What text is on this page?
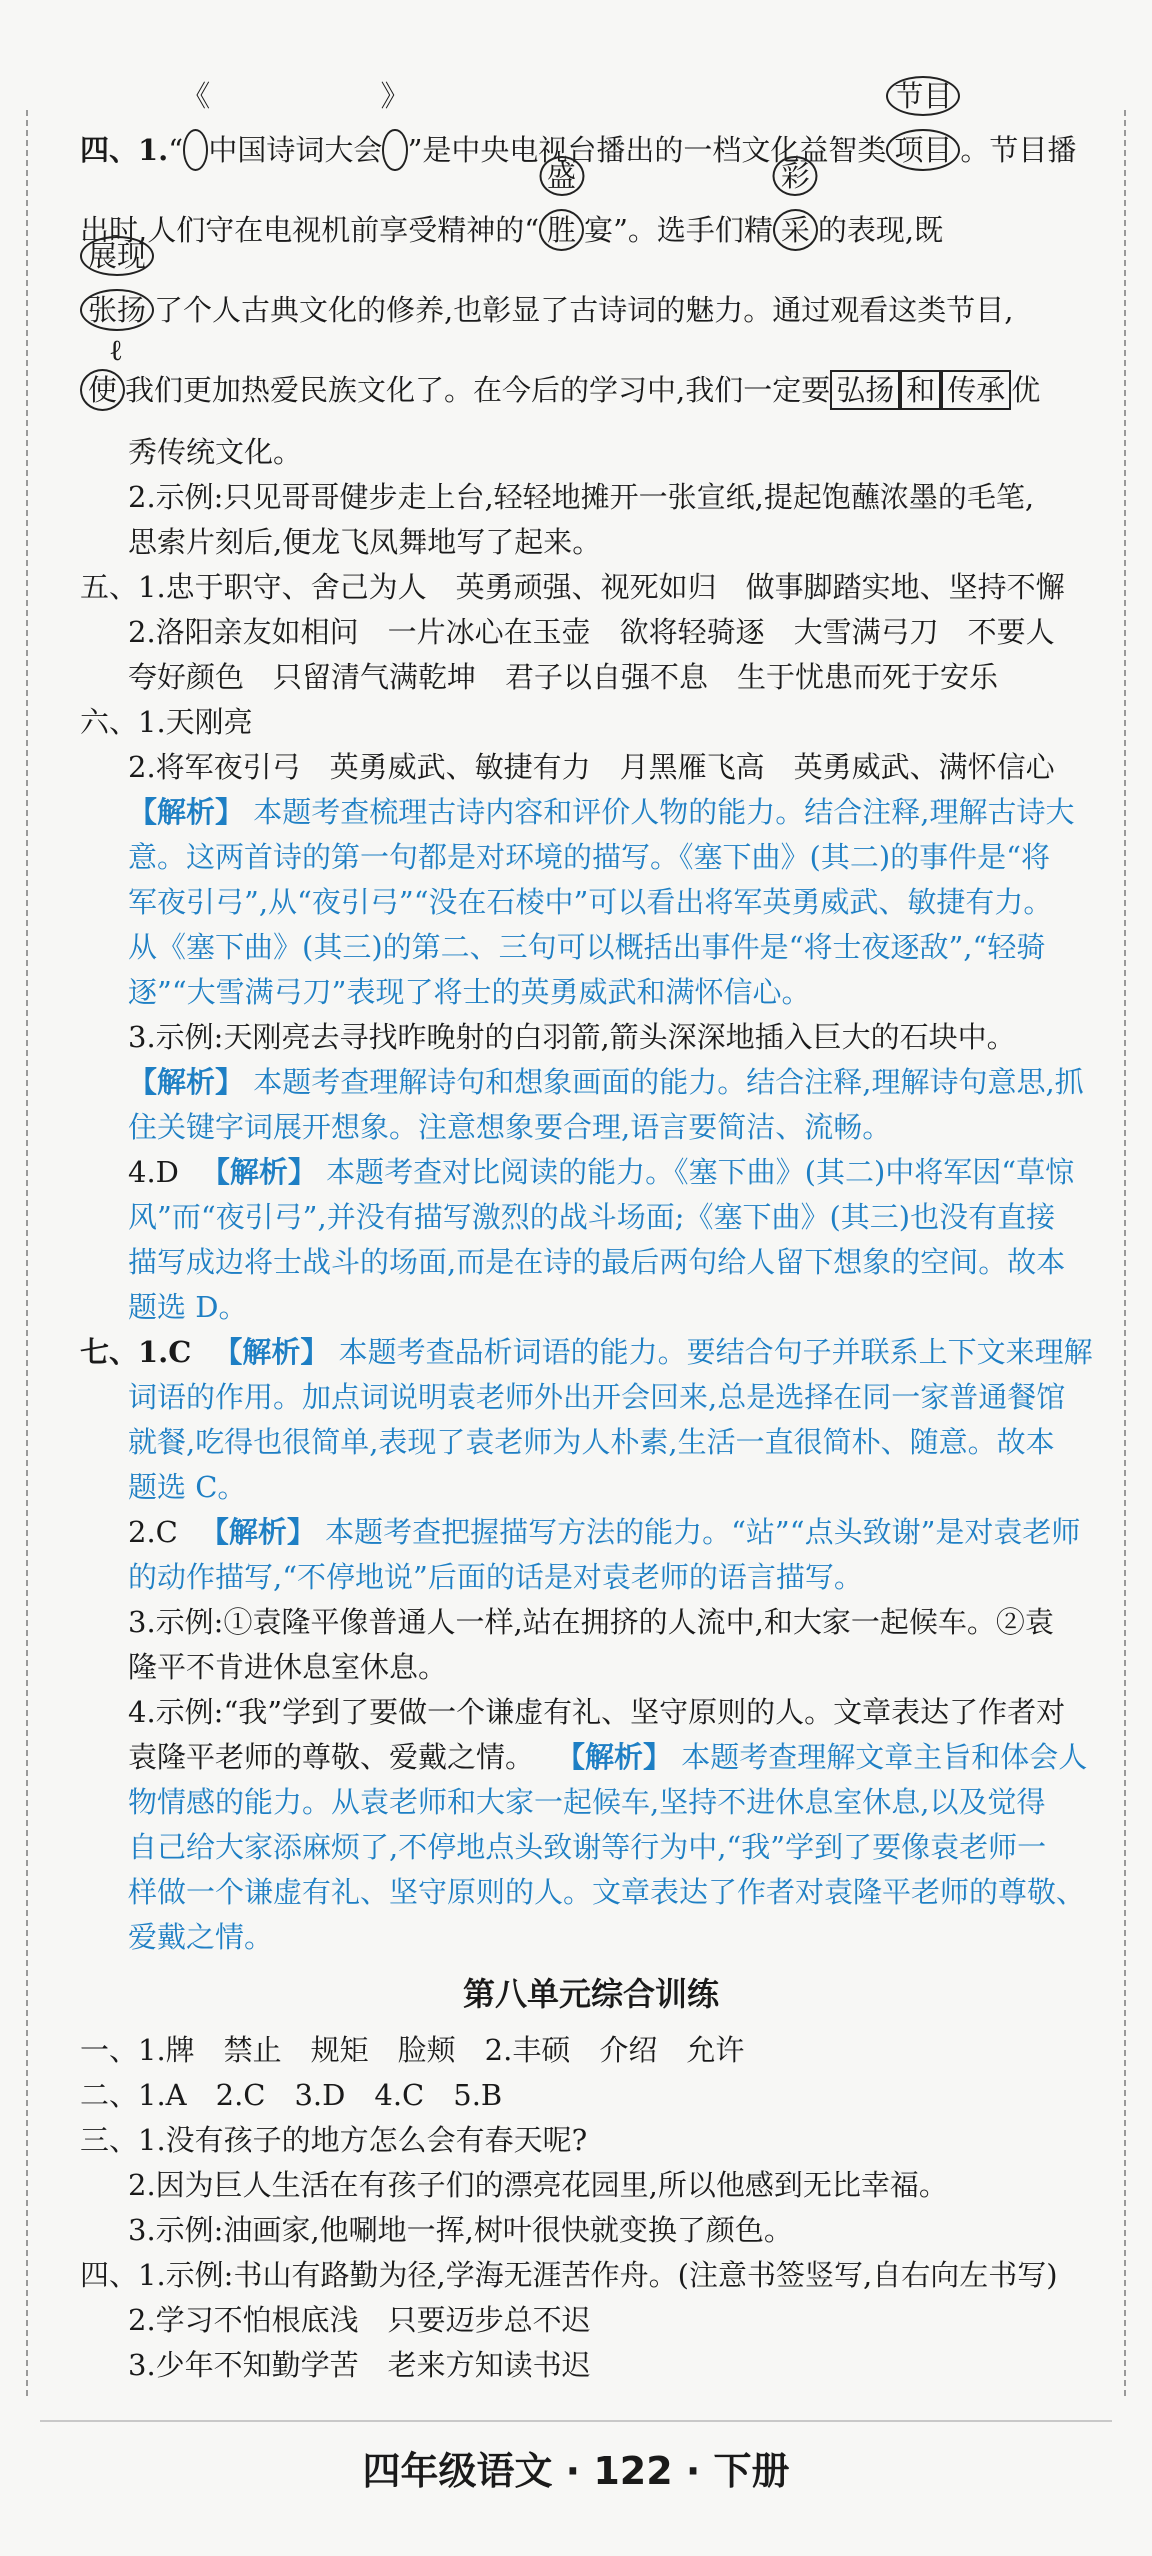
四、1.“
《
中国诗词大会
》
”是中央电视台播出的一档文化益智类 项目
节目
。节目播
出时,人们守在电视机前享受精神的“ 胜
盛
宴”。选手们精 采
彩
的表现,既
张扬
展现
了个人古典文化的修养,也彰显了古诗词的魅力。通过观看这类节目,
使
ℓ
我们更加热爱民族文化了。在今后的学习中,我们一定要 弘扬 和 传承 优
秀传统文化。
2.示例:只见哥哥健步走上台,轻轻地摊开一张宣纸,提起饱蘸浓墨的毛笔,
思索片刻后,便龙飞凤舞地写了起来。
五、1.忠于职守、舍己为人　英勇顽强、视死如归　做事脚踏实地、坚持不懈
2.洛阳亲友如相问　一片冰心在玉壶　欲将轻骑逐　大雪满弓刀　不要人
夸好颜色　只留清气满乾坤　君子以自强不息　生于忧患而死于安乐
六、1.天刚亮
2.将军夜引弓　英勇威武、敏捷有力　月黑雁飞高　英勇威武、满怀信心
【解析】 本题考查梳理古诗内容和评价人物的能力。结合注释,理解古诗大
意。这两首诗的第一句都是对环境的描写。《塞下曲》(其二)的事件是“将
军夜引弓”,从“夜引弓”“没在石棱中”可以看出将军英勇威武、敏捷有力。
从《塞下曲》(其三)的第二、三句可以概括出事件是“将士夜逐敌”,“轻骑
逐”“大雪满弓刀”表现了将士的英勇威武和满怀信心。
3.示例:天刚亮去寻找昨晚射的白羽箭,箭头深深地插入巨大的石块中。
【解析】 本题考查理解诗句和想象画面的能力。结合注释,理解诗句意思,抓
住关键字词展开想象。注意想象要合理,语言要简洁、流畅。
4.D 【解析】 本题考查对比阅读的能力。《塞下曲》(其二)中将军因“草惊
风”而“夜引弓”,并没有描写激烈的战斗场面;《塞下曲》(其三)也没有直接
描写成边将士战斗的场面,而是在诗的最后两句给人留下想象的空间。故本
题选 D。
七、1.C 【解析】 本题考查品析词语的能力。要结合句子并联系上下文来理解
词语的作用。加点词说明袁老师外出开会回来,总是选择在同一家普通餐馆
就餐,吃得也很简单,表现了袁老师为人朴素,生活一直很简朴、随意。故本
题选 C。
2.C 【解析】 本题考查把握描写方法的能力。“站”“点头致谢”是对袁老师
的动作描写,“不停地说”后面的话是对袁老师的语言描写。
3.示例:①袁隆平像普通人一样,站在拥挤的人流中,和大家一起候车。②袁
隆平不肯进休息室休息。
4.示例:“我”学到了要做一个谦虚有礼、坚守原则的人。文章表达了作者对
袁隆平老师的尊敬、爱戴之情。 【解析】 本题考查理解文章主旨和体会人
物情感的能力。从袁老师和大家一起候车,坚持不进休息室休息,以及觉得
自己给大家添麻烦了,不停地点头致谢等行为中,“我”学到了要像袁老师一
样做一个谦虚有礼、坚守原则的人。文章表达了作者对袁隆平老师的尊敬、
爱戴之情。
第八单元综合训练
一、1.牌　禁止　规矩　脸颊　2.丰硕　介绍　允许
二、1.A　2.C　3.D　4.C　5.B
三、1.没有孩子的地方怎么会有春天呢?
2.因为巨人生活在有孩子们的漂亮花园里,所以他感到无比幸福。
3.示例:油画家,他唰地一挥,树叶很快就变换了颜色。
四、1.示例:书山有路勤为径,学海无涯苦作舟。(注意书签竖写,自右向左书写)
2.学习不怕根底浅　只要迈步总不迟
3.少年不知勤学苦　老来方知读书迟
四年级语文 · 122 · 下册
